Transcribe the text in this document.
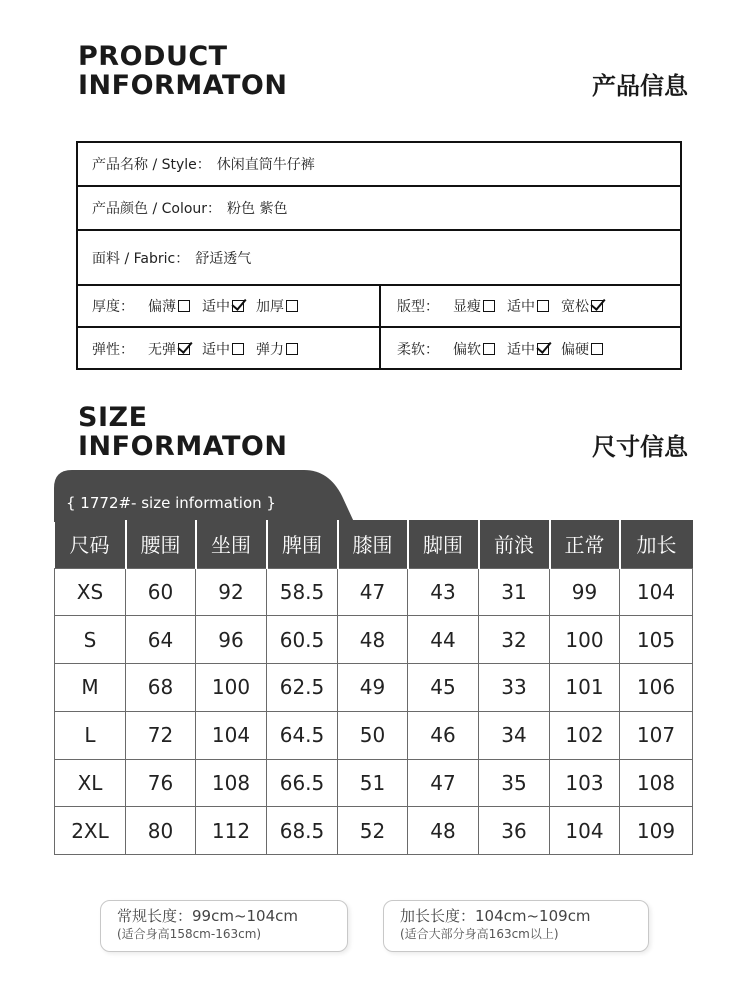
PRODUCT
INFORMATON	产品信息
产品名称 / Style： 休闲直筒牛仔裤
产品颜色 / Colour： 粉色 紫色
面料 / Fabric： 舒适透气
厚度： 偏薄 适中 加厚	版型： 显瘦 适中 宽松
弹性： 无弹 适中 弹力	柔软： 偏软 适中 偏硬
SIZE
INFORMATON	尺寸信息
{ 1772#- size information }
尺码	腰围	坐围	脾围	膝围	脚围	前浪	正常	加长
XS	60	92	58.5	47	43	31	99	104
S	64	96	60.5	48	44	32	100	105
M	68	100	62.5	49	45	33	101	106
L	72	104	64.5	50	46	34	102	107
XL	76	108	66.5	51	47	35	103	108
2XL	80	112	68.5	52	48	36	104	109
常规长度：99cm~104cm
(适合身高158cm-163cm)
加长长度：104cm~109cm
(适合大部分身高163cm以上)
